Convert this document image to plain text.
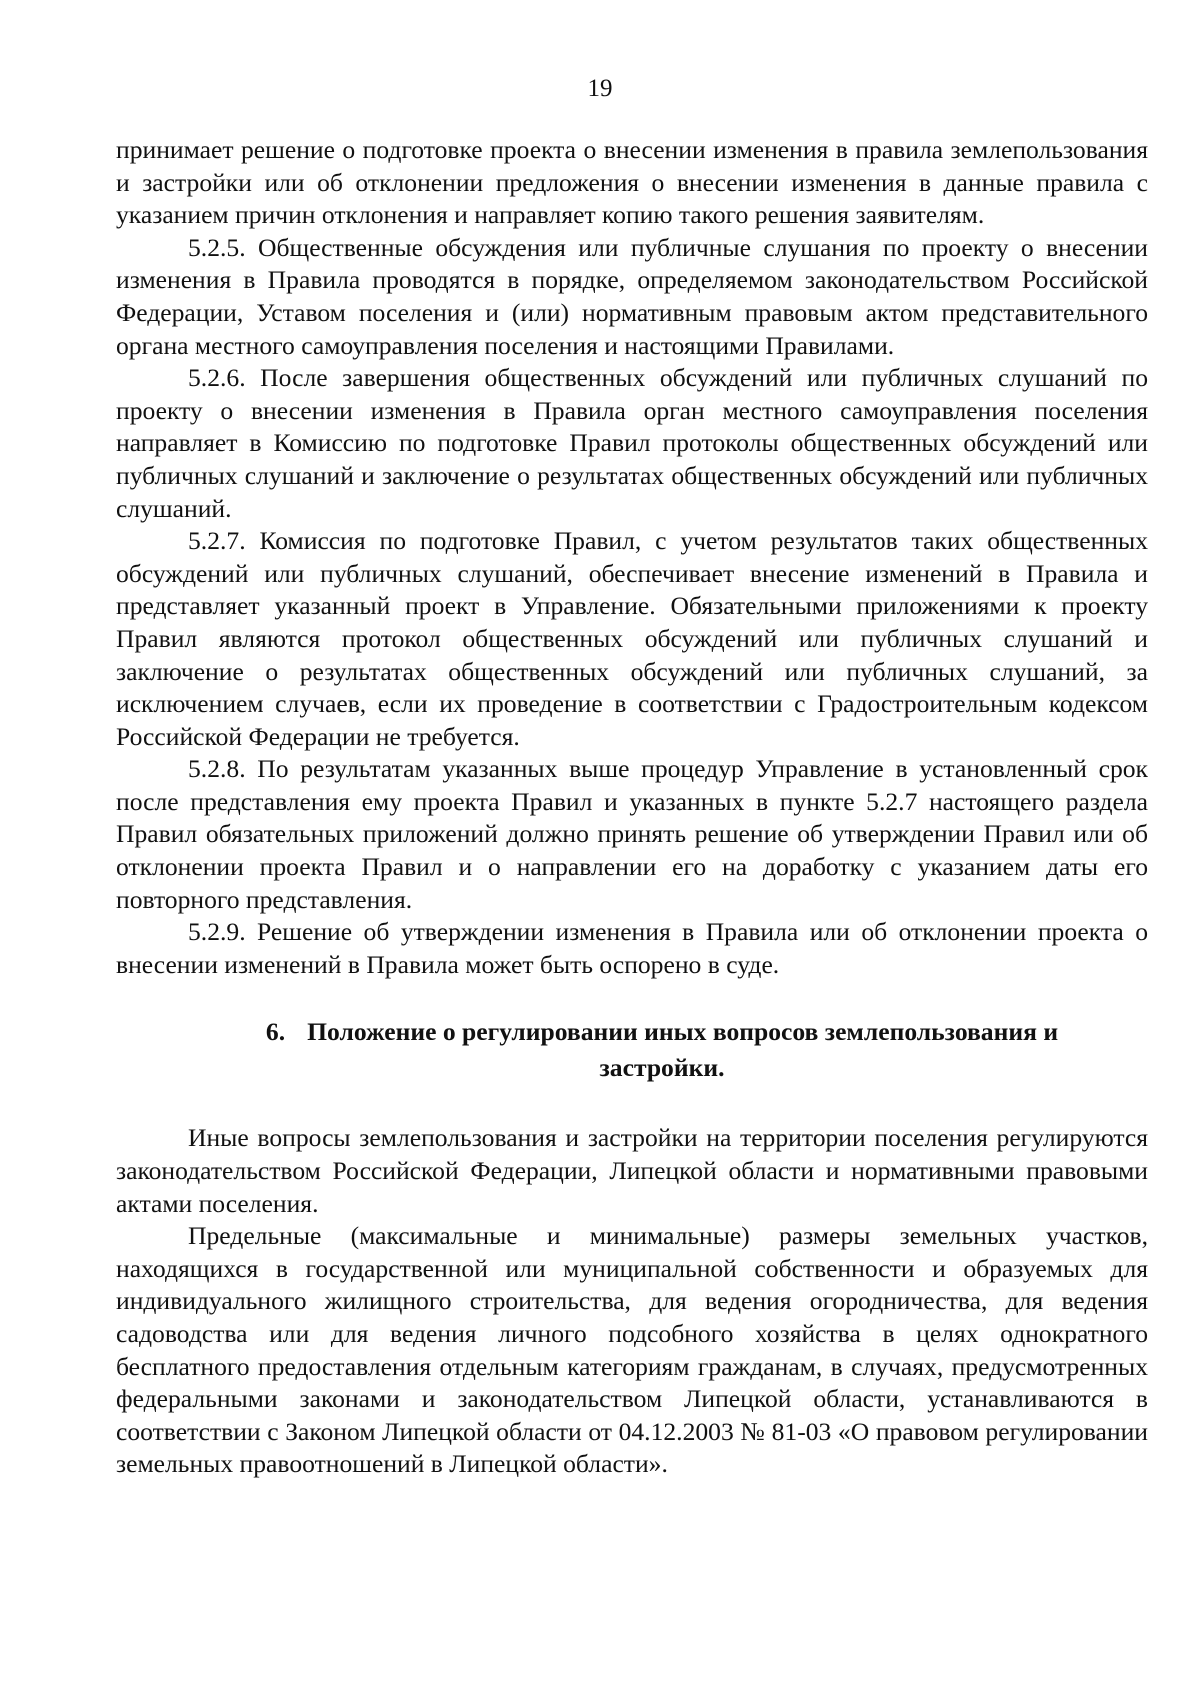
19

принимает решение о подготовке проекта о внесении изменения в правила землепользования и застройки или об отклонении предложения о внесении изменения в данные правила с указанием причин отклонения и направляет копию такого решения заявителям.

5.2.5. Общественные обсуждения или публичные слушания по проекту о внесении изменения в Правила проводятся в порядке, определяемом законодательством Российской Федерации, Уставом поселения и (или) нормативным правовым актом представительного органа местного самоуправления поселения и настоящими Правилами.

5.2.6. После завершения общественных обсуждений или публичных слушаний по проекту о внесении изменения в Правила орган местного самоуправления поселения направляет в Комиссию по подготовке Правил протоколы общественных обсуждений или публичных слушаний и заключение о результатах общественных обсуждений или публичных слушаний.

5.2.7. Комиссия по подготовке Правил, с учетом результатов таких общественных обсуждений или публичных слушаний, обеспечивает внесение изменений в Правила и представляет указанный проект в Управление. Обязательными приложениями к проекту Правил являются протокол общественных обсуждений или публичных слушаний и заключение о результатах общественных обсуждений или публичных слушаний, за исключением случаев, если их проведение в соответствии с Градостроительным кодексом Российской Федерации не требуется.

5.2.8. По результатам указанных выше процедур Управление в установленный срок после представления ему проекта Правил и указанных в пункте 5.2.7 настоящего раздела Правил обязательных приложений должно принять решение об утверждении Правил или об отклонении проекта Правил и о направлении его на доработку с указанием даты его повторного представления.

5.2.9. Решение об утверждении изменения в Правила или об отклонении проекта о внесении изменений в Правила может быть оспорено в суде.

6. Положение о регулировании иных вопросов землепользования и застройки.

Иные вопросы землепользования и застройки на территории поселения регулируются законодательством Российской Федерации, Липецкой области и нормативными правовыми актами поселения.

Предельные (максимальные и минимальные) размеры земельных участков, находящихся в государственной или муниципальной собственности и образуемых для индивидуального жилищного строительства, для ведения огородничества, для ведения садоводства или для ведения личного подсобного хозяйства в целях однократного бесплатного предоставления отдельным категориям гражданам, в случаях, предусмотренных федеральными законами и законодательством Липецкой области, устанавливаются в соответствии с Законом Липецкой области от 04.12.2003 № 81-03 «О правовом регулировании земельных правоотношений в Липецкой области».
